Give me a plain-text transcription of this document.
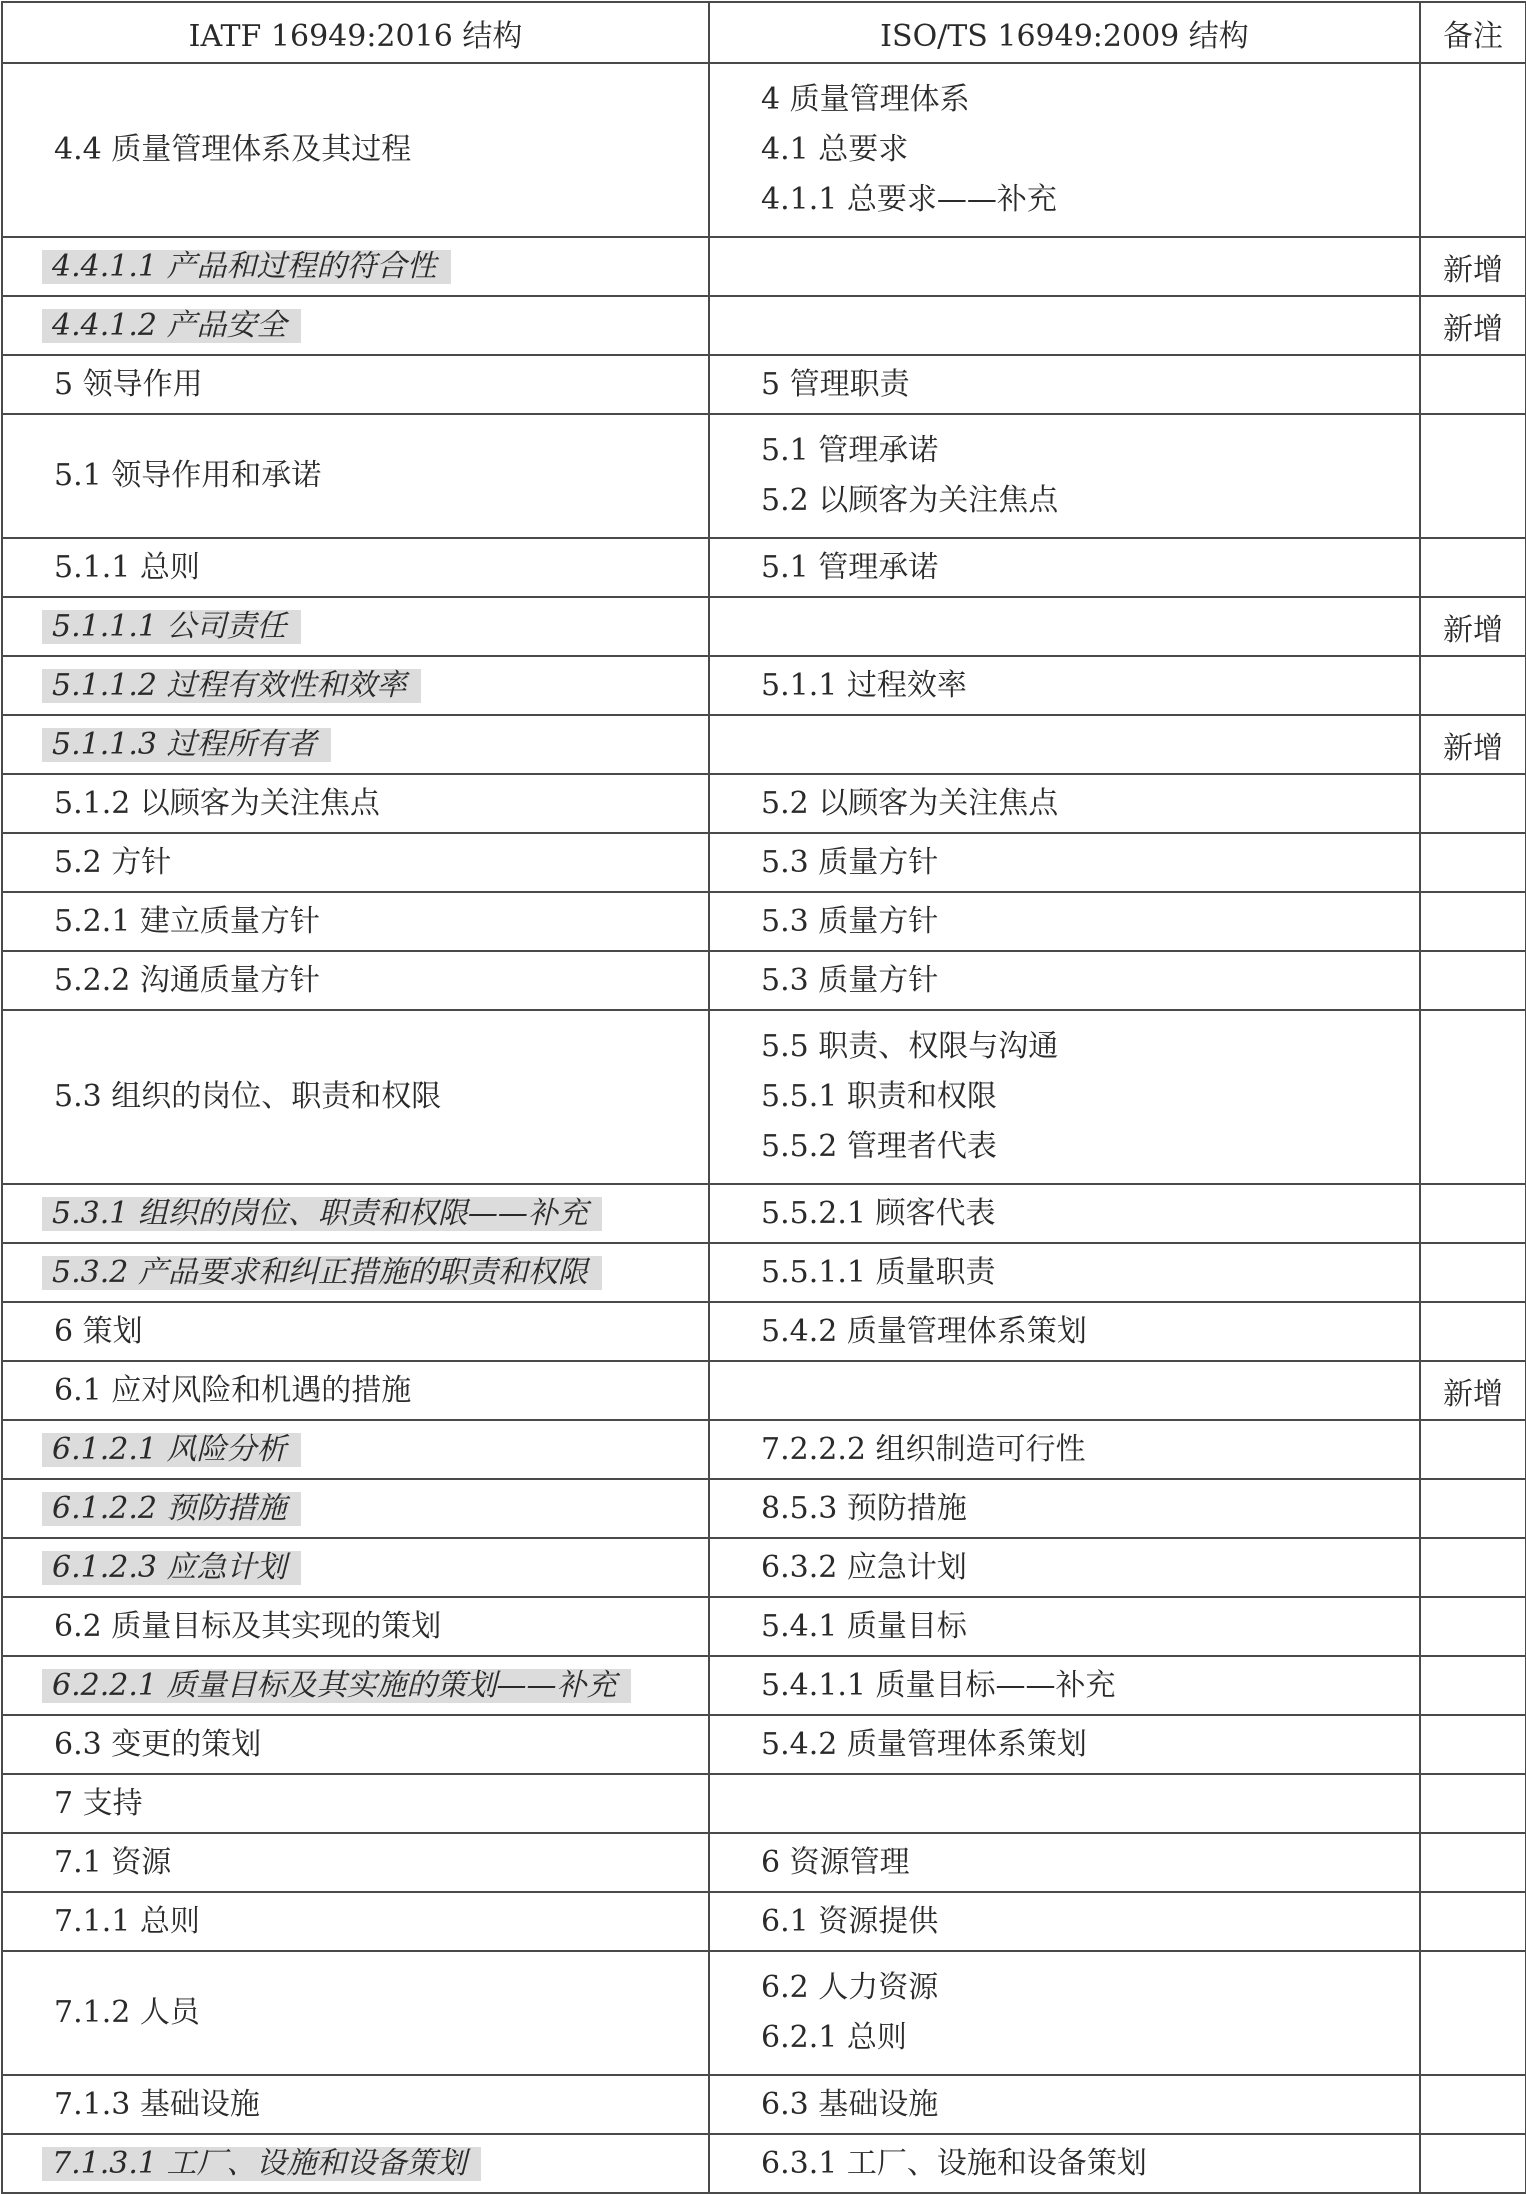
IATF 16949:2016 结构	ISO/TS 16949:2009 结构	备注

4.4 质量管理体系及其过程	4 质量管理体系
4.1 总要求
4.1.1 总要求——补充	

4.4.1.1 产品和过程的符合性		新增
4.4.1.2 产品安全		新增

5 领导作用	5 管理职责	

5.1 领导作用和承诺	5.1 管理承诺
5.2 以顾客为关注焦点	

5.1.1 总则	5.1 管理承诺	

5.1.1.1 公司责任		新增
5.1.1.2 过程有效性和效率	5.1.1 过程效率	

5.1.1.3 过程所有者		新增

5.1.2 以顾客为关注焦点	5.2 以顾客为关注焦点	

5.2 方针	5.3 质量方针	

5.2.1 建立质量方针	5.3 质量方针	

5.2.2 沟通质量方针	5.3 质量方针	

5.3 组织的岗位、职责和权限	5.5 职责、权限与沟通
5.5.1 职责和权限
5.5.2 管理者代表	

5.3.1 组织的岗位、职责和权限——补充	5.5.2.1 顾客代表	

5.3.2 产品要求和纠正措施的职责和权限	5.5.1.1 质量职责	

6 策划	5.4.2 质量管理体系策划	

6.1 应对风险和机遇的措施		新增
6.1.2.1 风险分析	7.2.2.2 组织制造可行性	

6.1.2.2 预防措施	8.5.3 预防措施	

6.1.2.3 应急计划	6.3.2 应急计划	

6.2 质量目标及其实现的策划	5.4.1 质量目标	

6.2.2.1 质量目标及其实施的策划——补充	5.4.1.1 质量目标——补充	

6.3 变更的策划	5.4.2 质量管理体系策划	

7 支持		

7.1 资源	6 资源管理	

7.1.1 总则	6.1 资源提供	

7.1.2 人员	6.2 人力资源
6.2.1 总则	

7.1.3 基础设施	6.3 基础设施	

7.1.3.1 工厂、设施和设备策划	6.3.1 工厂、设施和设备策划	
